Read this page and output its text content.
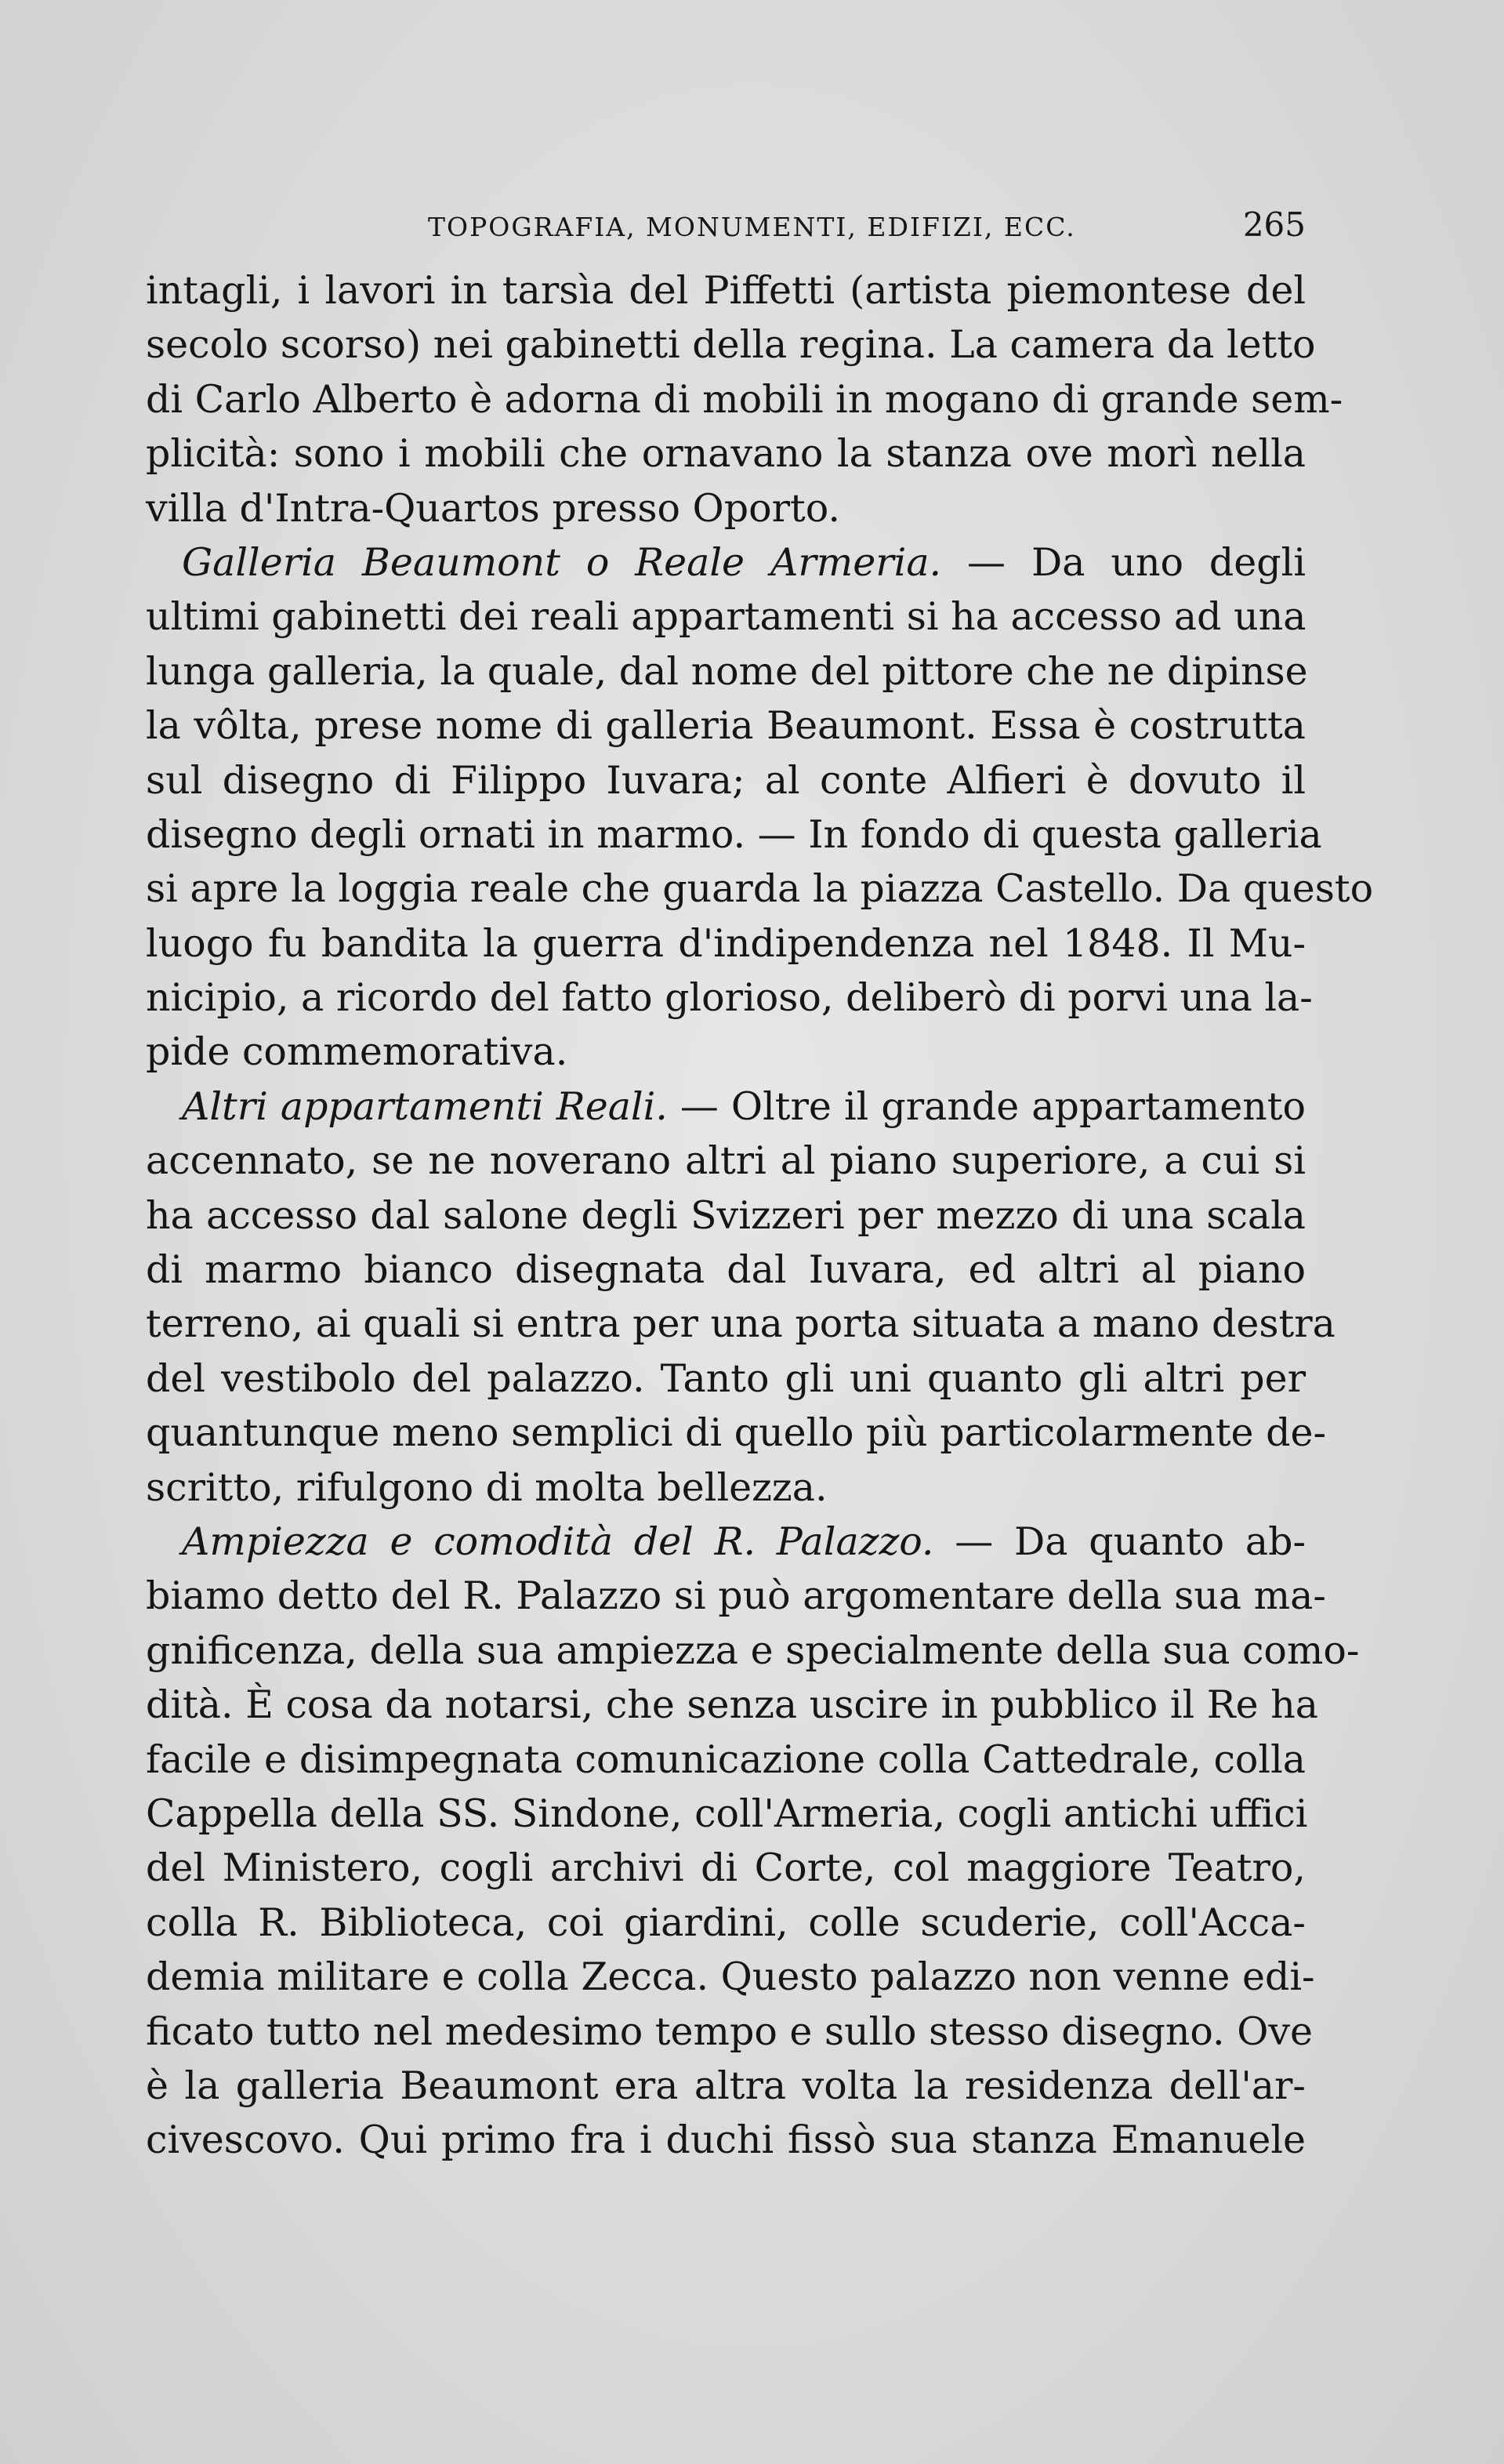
TOPOGRAFIA, MONUMENTI, EDIFIZI, ECC.	265
intagli, i lavori in tarsìa del Piffetti (artista piemontese del
secolo scorso) nei gabinetti della regina. La camera da letto
di Carlo Alberto è adorna di mobili in mogano di grande sem-
plicità: sono i mobili che ornavano la stanza ove morì nella
villa d'Intra-Quartos presso Oporto.
Galleria Beaumont o Reale Armeria. — Da uno degli
ultimi gabinetti dei reali appartamenti si ha accesso ad una
lunga galleria, la quale, dal nome del pittore che ne dipinse
la vôlta, prese nome di galleria Beaumont. Essa è costrutta
sul disegno di Filippo Iuvara; al conte Alfieri è dovuto il
disegno degli ornati in marmo. — In fondo di questa galleria
si apre la loggia reale che guarda la piazza Castello. Da questo
luogo fu bandita la guerra d'indipendenza nel 1848. Il Mu-
nicipio, a ricordo del fatto glorioso, deliberò di porvi una la-
pide commemorativa.
Altri appartamenti Reali. — Oltre il grande appartamento
accennato, se ne noverano altri al piano superiore, a cui si
ha accesso dal salone degli Svizzeri per mezzo di una scala
di marmo bianco disegnata dal Iuvara, ed altri al piano
terreno, ai quali si entra per una porta situata a mano destra
del vestibolo del palazzo. Tanto gli uni quanto gli altri per
quantunque meno semplici di quello più particolarmente de-
scritto, rifulgono di molta bellezza.
Ampiezza e comodità del R. Palazzo. — Da quanto ab-
biamo detto del R. Palazzo si può argomentare della sua ma-
gnificenza, della sua ampiezza e specialmente della sua como-
dità. È cosa da notarsi, che senza uscire in pubblico il Re ha
facile e disimpegnata comunicazione colla Cattedrale, colla
Cappella della SS. Sindone, coll'Armeria, cogli antichi uffici
del Ministero, cogli archivi di Corte, col maggiore Teatro,
colla R. Biblioteca, coi giardini, colle scuderie, coll'Acca-
demia militare e colla Zecca. Questo palazzo non venne edi-
ficato tutto nel medesimo tempo e sullo stesso disegno. Ove
è la galleria Beaumont era altra volta la residenza dell'ar-
civescovo. Qui primo fra i duchi fissò sua stanza Emanuele
